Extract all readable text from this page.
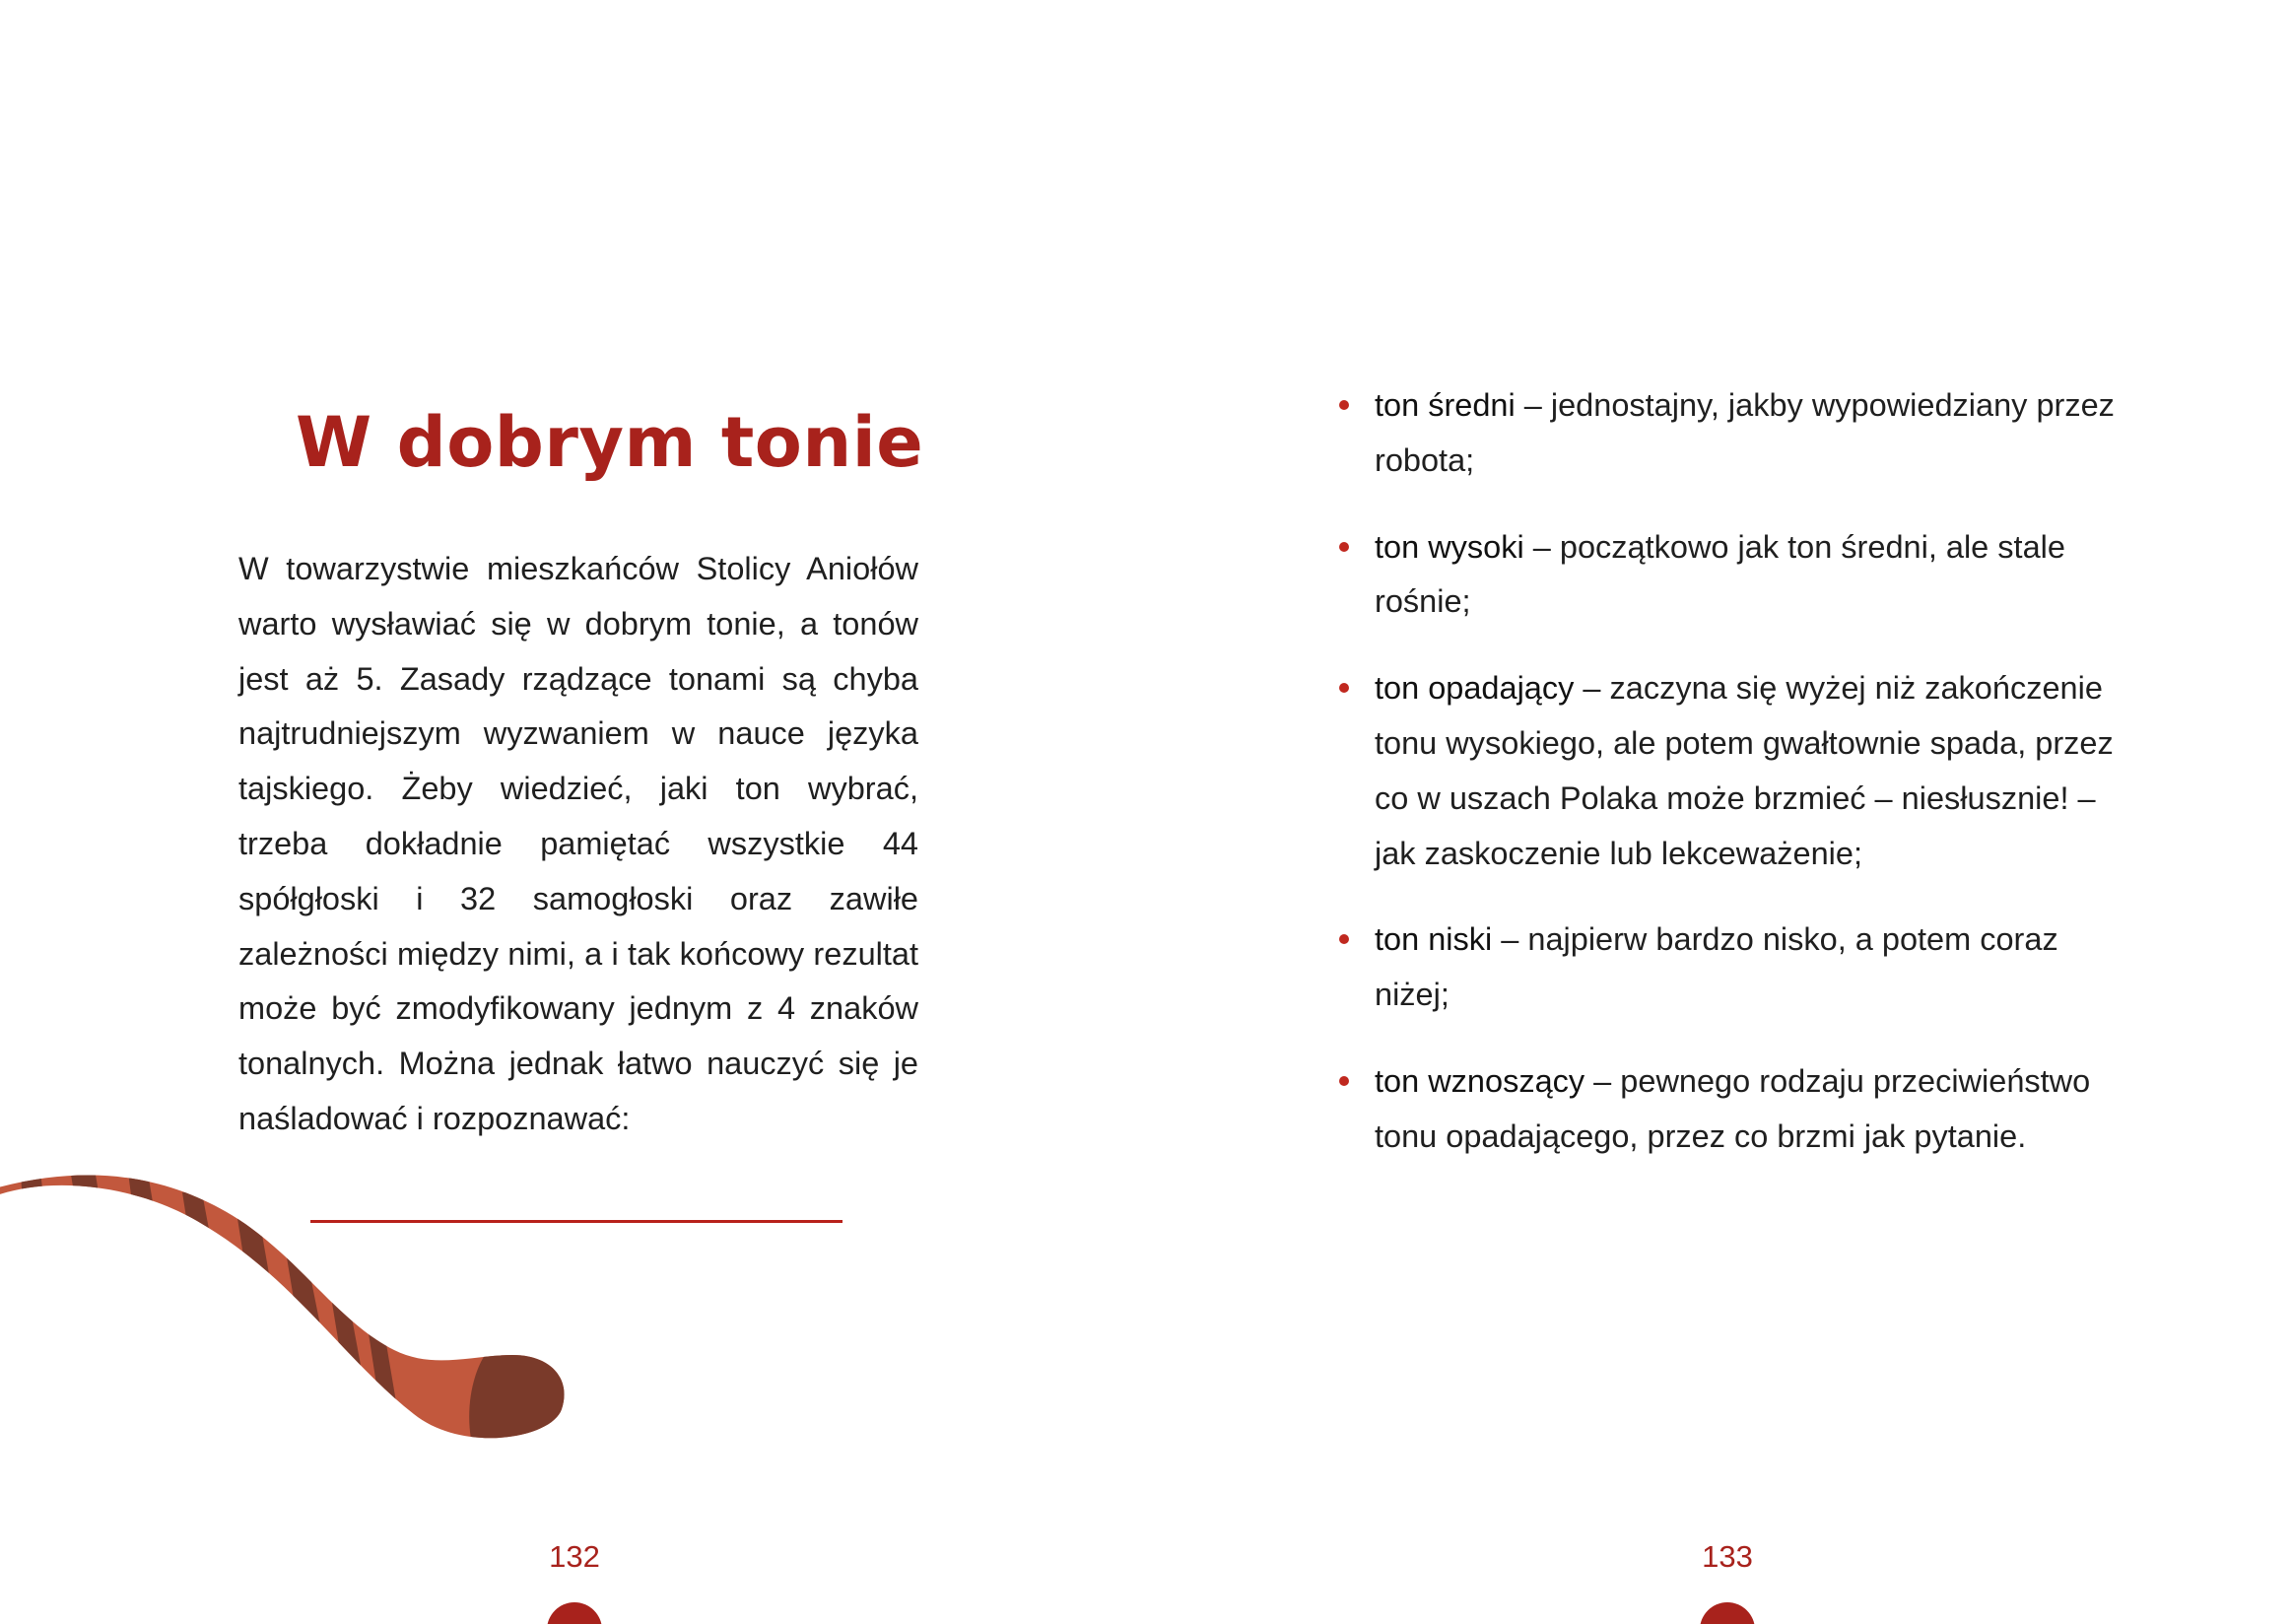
W dobrym tonie

W towarzystwie mieszkańców Stolicy Aniołów warto wysławiać się w dobrym tonie, a tonów jest aż 5. Zasady rządzące tonami są chyba najtrudniejszym wyzwaniem w nauce języka tajskiego. Żeby wiedzieć, jaki ton wybrać, trzeba dokładnie pamiętać wszystkie 44 spółgłoski i 32 samogłoski oraz zawiłe zależności między nimi, a i tak końcowy rezultat może być zmodyfikowany jednym z 4 znaków tonalnych. Można jednak łatwo nauczyć się je naśladować i rozpoznawać:

132
ton średni – jednostajny, jakby wypowiedziany przez robota;
ton wysoki – początkowo jak ton średni, ale stale rośnie;
ton opadający – zaczyna się wyżej niż zakończenie tonu wysokiego, ale potem gwałtownie spada, przez co w uszach Polaka może brzmieć – niesłusznie! – jak zaskoczenie lub lekceważenie;
ton niski – najpierw bardzo nisko, a potem coraz niżej;
ton wznoszący – pewnego rodzaju przeciwieństwo tonu opadającego, przez co brzmi jak pytanie.
133
